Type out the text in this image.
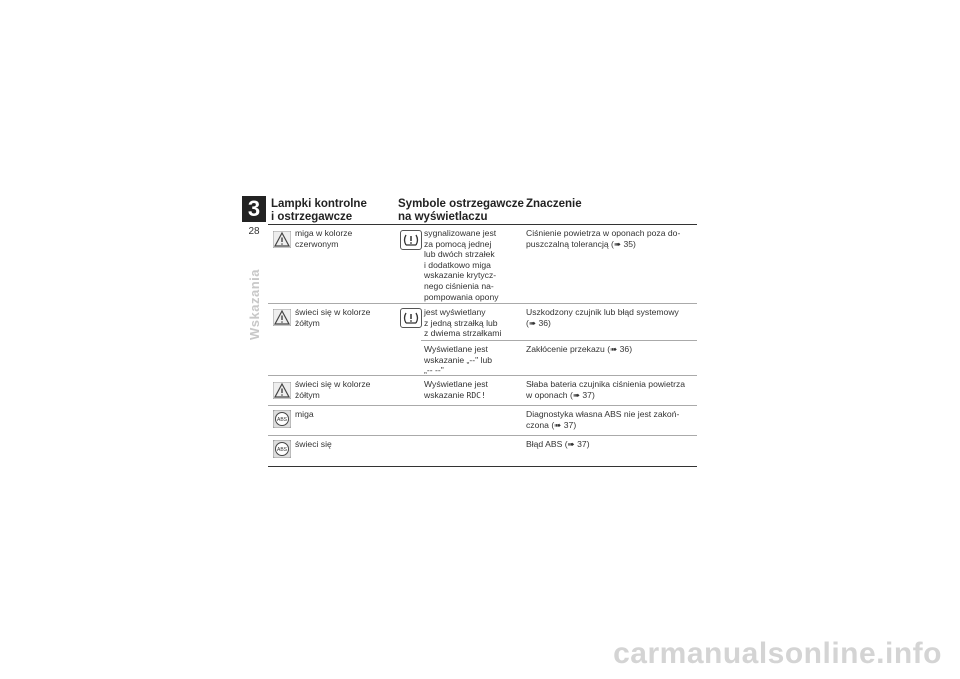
3
28
Wskazania
Lampki kontrolne
i ostrzegawcze
Symbole ostrzegawcze
na wyświetlaczu
Znaczenie
miga w kolorze
czerwonym
sygnalizowane jest
za pomocą jednej
lub dwóch strzałek
i dodatkowo miga
wskazanie krytycz-
nego ciśnienia na-
pompowania opony
Ciśnienie powietrza w oponach poza do-
puszczalną tolerancją (➠ 35)
świeci się w kolorze
żółtym
jest wyświetlany
z jedną strzałką lub
z dwiema strzałkami
Uszkodzony czujnik lub błąd systemowy
(➠ 36)
Wyświetlane jest
wskazanie „--" lub
„-- --"
Zakłócenie przekazu (➠ 36)
świeci się w kolorze
żółtym
Wyświetlane jest
wskazanie RDC!
Słaba bateria czujnika ciśnienia powietrza
w oponach (➠ 37)
ABS
miga	Diagnostyka własna ABS nie jest zakoń-
czona (➠ 37)
ABS
świeci się	Błąd ABS (➠ 37)
carmanualsonline.info
